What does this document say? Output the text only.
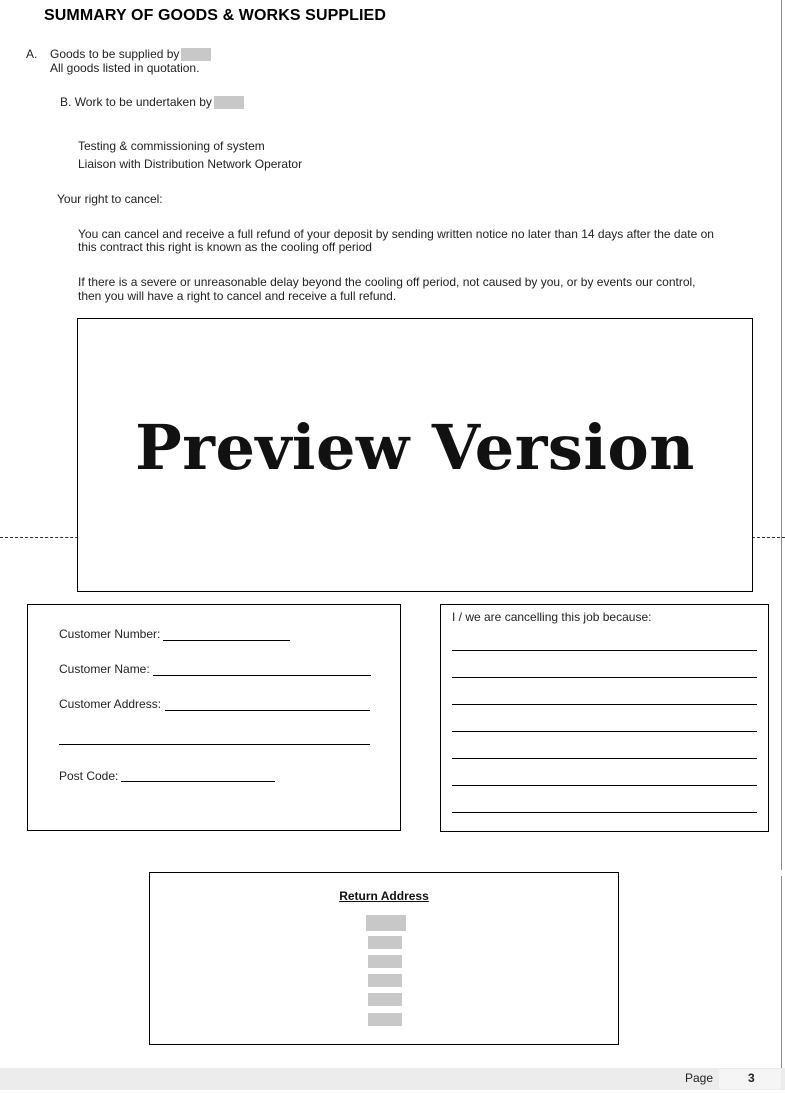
SUMMARY OF GOODS & WORKS SUPPLIED
A. Goods to be supplied by
All goods listed in quotation.
B. Work to be undertaken by
Testing & commissioning of system
Liaison with Distribution Network Operator
Your right to cancel:
You can cancel and receive a full refund of your deposit by sending written notice no later than 14 days after the date on
this contract this right is known as the cooling off period
If there is a severe or unreasonable delay beyond the cooling off period, not caused by you, or by events our control,
then you will have a right to cancel and receive a full refund.
Preview Version
Customer Number:
Customer Name:
Customer Address:
Post Code:
I / we are cancelling this job because:
Return Address
Page	3
